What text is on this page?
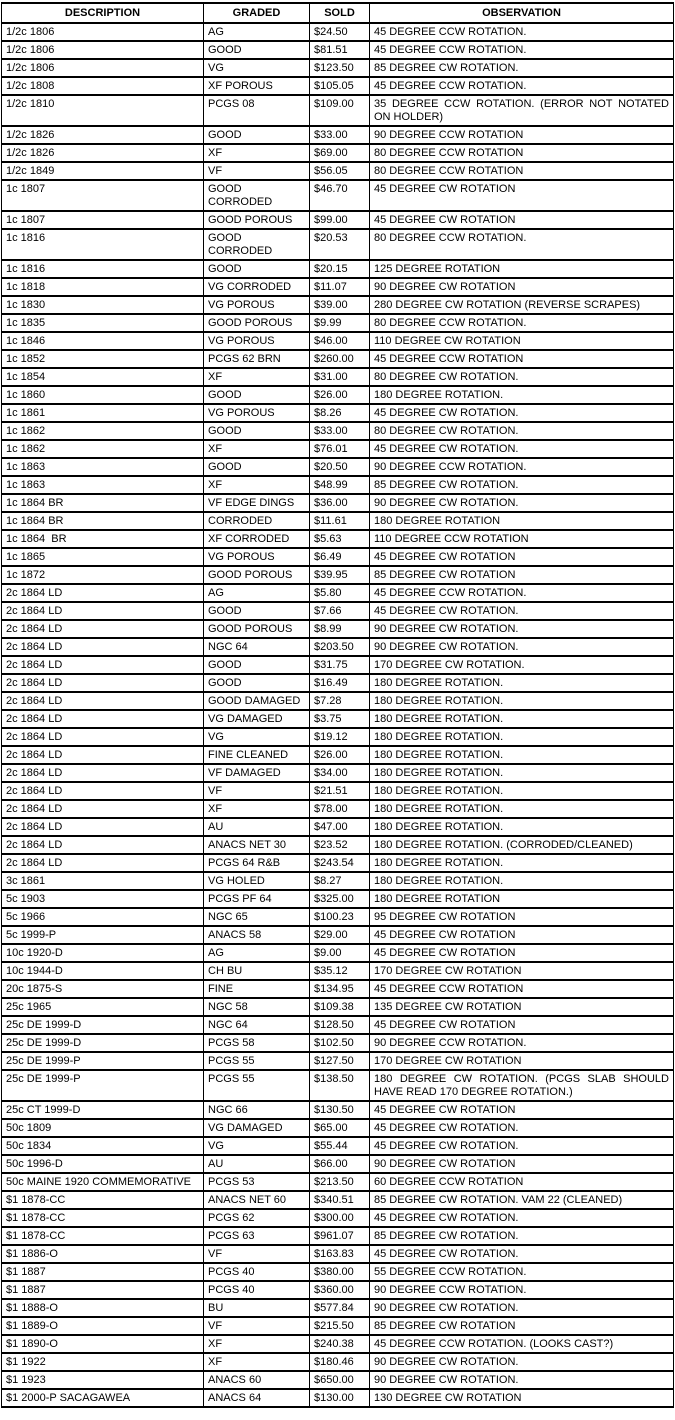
DESCRIPTION	GRADED	SOLD	OBSERVATION
1/2c 1806	AG	$24.50	45 DEGREE CCW ROTATION.
1/2c 1806	GOOD	$81.51	45 DEGREE CCW ROTATION.
1/2c 1806	VG	$123.50	85 DEGREE CW ROTATION.
1/2c 1808	XF POROUS	$105.05	45 DEGREE CCW ROTATION.
1/2c 1810	PCGS 08	$109.00	35 DEGREE CCW ROTATION. (ERROR NOT NOTATED ON HOLDER)
1/2c 1826	GOOD	$33.00	90 DEGREE CCW ROTATION
1/2c 1826	XF	$69.00	80 DEGREE CCW ROTATION
1/2c 1849	VF	$56.05	80 DEGREE CCW ROTATION
1c 1807	GOOD CORRODED	$46.70	45 DEGREE CW ROTATION
1c 1807	GOOD POROUS	$99.00	45 DEGREE CW ROTATION
1c 1816	GOOD CORRODED	$20.53	80 DEGREE CCW ROTATION.
1c 1816	GOOD	$20.15	125 DEGREE ROTATION
1c 1818	VG CORRODED	$11.07	90 DEGREE CW ROTATION
1c 1830	VG POROUS	$39.00	280 DEGREE CW ROTATION (REVERSE SCRAPES)
1c 1835	GOOD POROUS	$9.99	80 DEGREE CCW ROTATION.
1c 1846	VG POROUS	$46.00	110 DEGREE CW ROTATION
1c 1852	PCGS 62 BRN	$260.00	45 DEGREE CCW ROTATION
1c 1854	XF	$31.00	80 DEGREE CW ROTATION.
1c 1860	GOOD	$26.00	180 DEGREE ROTATION.
1c 1861	VG POROUS	$8.26	45 DEGREE CW ROTATION.
1c 1862	GOOD	$33.00	80 DEGREE CW ROTATION.
1c 1862	XF	$76.01	45 DEGREE CW ROTATION.
1c 1863	GOOD	$20.50	90 DEGREE CCW ROTATION.
1c 1863	XF	$48.99	85 DEGREE CW ROTATION.
1c 1864 BR	VF EDGE DINGS	$36.00	90 DEGREE CW ROTATION.
1c 1864 BR	CORRODED	$11.61	180 DEGREE ROTATION
1c 1864  BR	XF CORRODED	$5.63	110 DEGREE CCW ROTATION
1c 1865	VG POROUS	$6.49	45 DEGREE CW ROTATION
1c 1872	GOOD POROUS	$39.95	85 DEGREE CW ROTATION
2c 1864 LD	AG	$5.80	45 DEGREE CCW ROTATION.
2c 1864 LD	GOOD	$7.66	45 DEGREE CW ROTATION.
2c 1864 LD	GOOD POROUS	$8.99	90 DEGREE CW ROTATION.
2c 1864 LD	NGC 64	$203.50	90 DEGREE CW ROTATION.
2c 1864 LD	GOOD	$31.75	170 DEGREE CW ROTATION.
2c 1864 LD	GOOD	$16.49	180 DEGREE ROTATION.
2c 1864 LD	GOOD DAMAGED	$7.28	180 DEGREE ROTATION.
2c 1864 LD	VG DAMAGED	$3.75	180 DEGREE ROTATION.
2c 1864 LD	VG	$19.12	180 DEGREE ROTATION.
2c 1864 LD	FINE CLEANED	$26.00	180 DEGREE ROTATION.
2c 1864 LD	VF DAMAGED	$34.00	180 DEGREE ROTATION.
2c 1864 LD	VF	$21.51	180 DEGREE ROTATION.
2c 1864 LD	XF	$78.00	180 DEGREE ROTATION.
2c 1864 LD	AU	$47.00	180 DEGREE ROTATION.
2c 1864 LD	ANACS NET 30	$23.52	180 DEGREE ROTATION. (CORRODED/CLEANED)
2c 1864 LD	PCGS 64 R&B	$243.54	180 DEGREE ROTATION.
3c 1861	VG HOLED	$8.27	180 DEGREE ROTATION.
5c 1903	PCGS PF 64	$325.00	180 DEGREE ROTATION
5c 1966	NGC 65	$100.23	95 DEGREE CW ROTATION
5c 1999-P	ANACS 58	$29.00	45 DEGREE CW ROTATION
10c 1920-D	AG	$9.00	45 DEGREE CW ROTATION
10c 1944-D	CH BU	$35.12	170 DEGREE CW ROTATION
20c 1875-S	FINE	$134.95	45 DEGREE CCW ROTATION
25c 1965	NGC 58	$109.38	135 DEGREE CW ROTATION
25c DE 1999-D	NGC 64	$128.50	45 DEGREE CW ROTATION
25c DE 1999-D	PCGS 58	$102.50	90 DEGREE CCW ROTATION.
25c DE 1999-P	PCGS 55	$127.50	170 DEGREE CW ROTATION
25c DE 1999-P	PCGS 55	$138.50	180 DEGREE CW ROTATION. (PCGS SLAB SHOULD HAVE READ 170 DEGREE ROTATION.)
25c CT 1999-D	NGC 66	$130.50	45 DEGREE CW ROTATION
50c 1809	VG DAMAGED	$65.00	45 DEGREE CW ROTATION.
50c 1834	VG	$55.44	45 DEGREE CW ROTATION.
50c 1996-D	AU	$66.00	90 DEGREE CW ROTATION
50c MAINE 1920 COMMEMORATIVE	PCGS 53	$213.50	60 DEGREE CCW ROTATION
$1 1878-CC	ANACS NET 60	$340.51	85 DEGREE CW ROTATION. VAM 22 (CLEANED)
$1 1878-CC	PCGS 62	$300.00	45 DEGREE CW ROTATION.
$1 1878-CC	PCGS 63	$961.07	85 DEGREE CW ROTATION.
$1 1886-O	VF	$163.83	45 DEGREE CW ROTATION.
$1 1887	PCGS 40	$380.00	55 DEGREE CCW ROTATION.
$1 1887	PCGS 40	$360.00	90 DEGREE CCW ROTATION.
$1 1888-O	BU	$577.84	90 DEGREE CW ROTATION.
$1 1889-O	VF	$215.50	85 DEGREE CW ROTATION
$1 1890-O	XF	$240.38	45 DEGREE CCW ROTATION. (LOOKS CAST?)
$1 1922	XF	$180.46	90 DEGREE CW ROTATION.
$1 1923	ANACS 60	$650.00	90 DEGREE CW ROTATION.
$1 2000-P SACAGAWEA	ANACS 64	$130.00	130 DEGREE CW ROTATION
